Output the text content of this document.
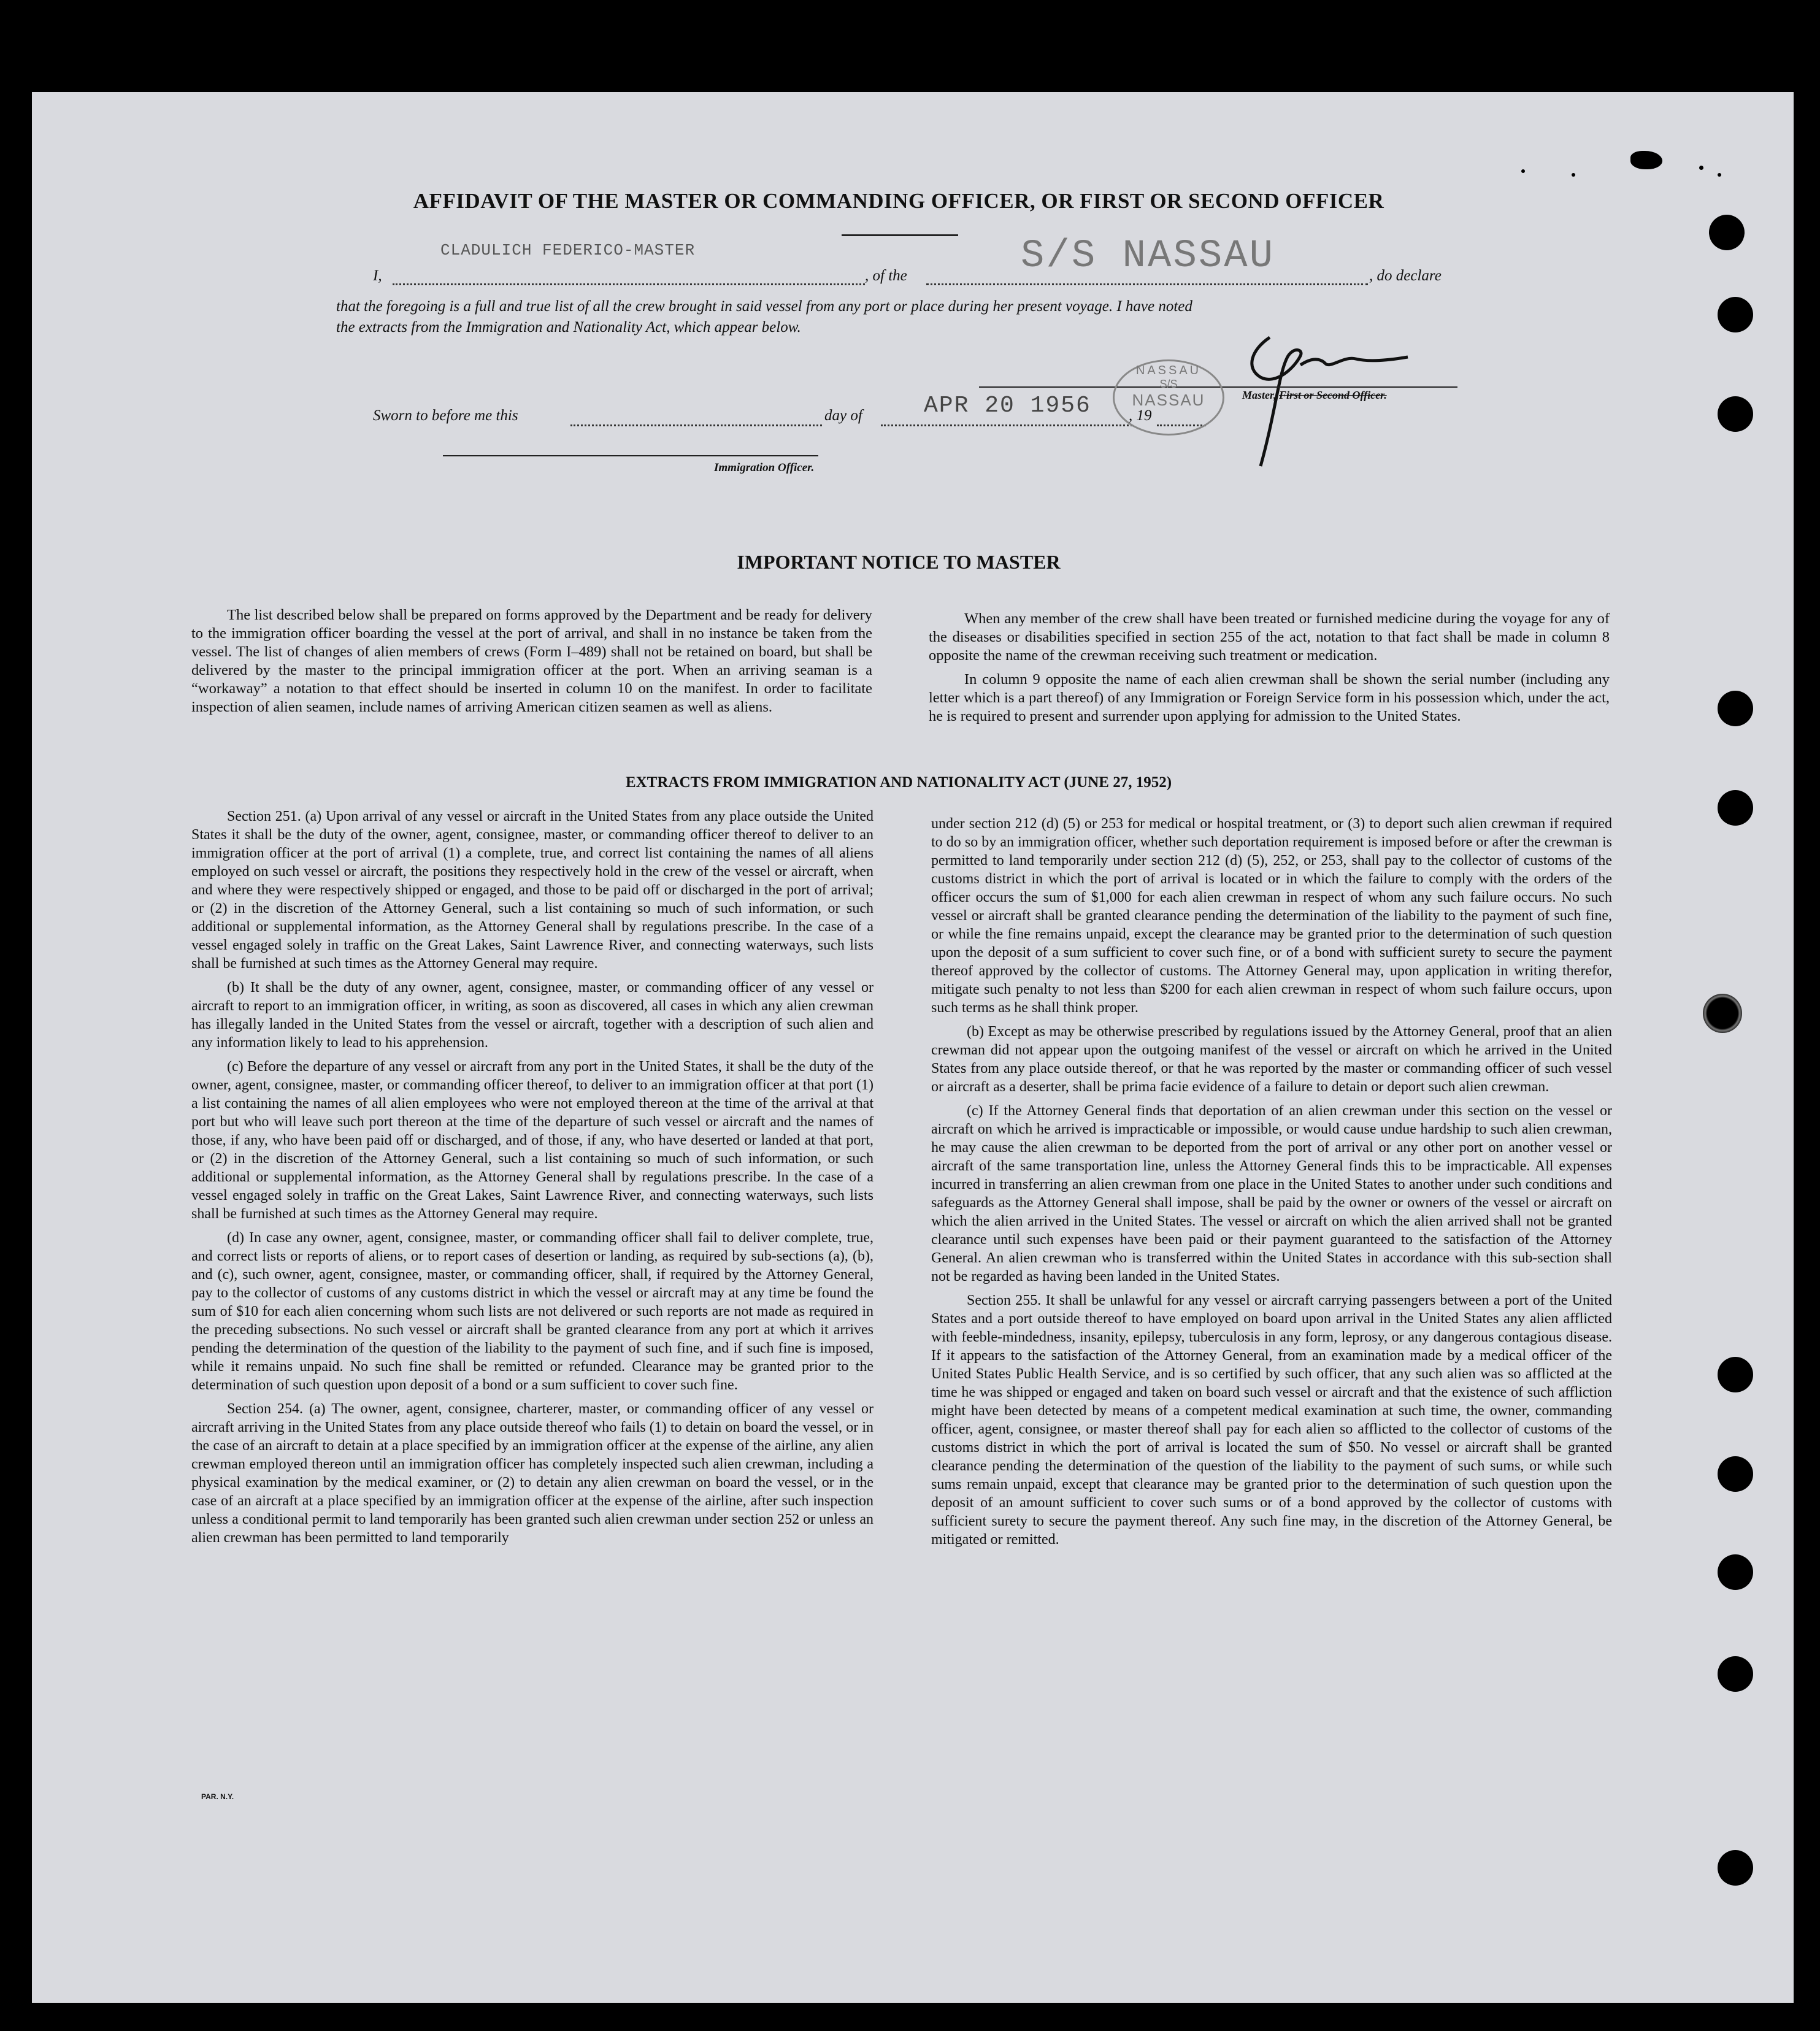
AFFIDAVIT OF THE MASTER OR COMMANDING OFFICER, OR FIRST OR SECOND OFFICER
I,
CLADULICH FEDERICO-MASTER
, of the	S/S NASSAU	, do declare
that the foregoing is a full and true list of all the crew brought in said vessel from any port or place during her present voyage. I have noted
the extracts from the Immigration and Nationality Act, which appear below.
Master, First or Second Officer.
Sworn to before me this	day of	APR 20 1956 , 19
NASSAU
S/S
NASSAU
Immigration Officer.
IMPORTANT NOTICE TO MASTER

The list described below shall be prepared on forms approved by the Department and be ready for delivery to the immigration officer boarding the vessel at the port of arrival, and shall in no instance be taken from the vessel. The list of changes of alien members of crews (Form I–489) shall not be retained on board, but shall be delivered by the master to the principal immigration officer at the port. When an arriving seaman is a “workaway” a notation to that effect should be inserted in column 10 on the manifest. In order to facilitate inspection of alien seamen, include names of arriving American citizen seamen as well as aliens.

When any member of the crew shall have been treated or furnished medicine during the voyage for any of the diseases or disabilities specified in section 255 of the act, notation to that fact shall be made in column 8 opposite the name of the crewman receiving such treatment or medication.

In column 9 opposite the name of each alien crewman shall be shown the serial number (including any letter which is a part thereof) of any Immigration or Foreign Service form in his possession which, under the act, he is required to present and surrender upon applying for admission to the United States.

EXTRACTS FROM IMMIGRATION AND NATIONALITY ACT (JUNE 27, 1952)

Section 251. (a) Upon arrival of any vessel or aircraft in the United States from any place outside the United States it shall be the duty of the owner, agent, consignee, master, or commanding officer thereof to deliver to an immigration officer at the port of arrival (1) a complete, true, and correct list containing the names of all aliens employed on such vessel or aircraft, the positions they respectively hold in the crew of the vessel or aircraft, when and where they were respectively shipped or engaged, and those to be paid off or discharged in the port of arrival; or (2) in the discretion of the Attorney General, such a list containing so much of such information, or such additional or supplemental information, as the Attorney General shall by regulations prescribe. In the case of a vessel engaged solely in traffic on the Great Lakes, Saint Lawrence River, and connecting waterways, such lists shall be furnished at such times as the Attorney General may require.

(b) It shall be the duty of any owner, agent, consignee, master, or commanding officer of any vessel or aircraft to report to an immigration officer, in writing, as soon as discovered, all cases in which any alien crewman has illegally landed in the United States from the vessel or aircraft, together with a description of such alien and any information likely to lead to his apprehension.

(c) Before the departure of any vessel or aircraft from any port in the United States, it shall be the duty of the owner, agent, consignee, master, or commanding officer thereof, to deliver to an immigration officer at that port (1) a list containing the names of all alien employees who were not employed thereon at the time of the arrival at that port but who will leave such port thereon at the time of the departure of such vessel or aircraft and the names of those, if any, who have been paid off or discharged, and of those, if any, who have deserted or landed at that port, or (2) in the discretion of the Attorney General, such a list containing so much of such information, or such additional or supplemental information, as the Attorney General shall by regulations prescribe. In the case of a vessel engaged solely in traffic on the Great Lakes, Saint Lawrence River, and connecting waterways, such lists shall be furnished at such times as the Attorney General may require.

(d) In case any owner, agent, consignee, master, or commanding officer shall fail to deliver complete, true, and correct lists or reports of aliens, or to report cases of desertion or landing, as required by sub-sections (a), (b), and (c), such owner, agent, consignee, master, or commanding officer, shall, if required by the Attorney General, pay to the collector of customs of any customs district in which the vessel or aircraft may at any time be found the sum of $10 for each alien concerning whom such lists are not delivered or such reports are not made as required in the preceding subsections. No such vessel or aircraft shall be granted clearance from any port at which it arrives pending the determination of the question of the liability to the payment of such fine, and if such fine is imposed, while it remains unpaid. No such fine shall be remitted or refunded. Clearance may be granted prior to the determination of such question upon deposit of a bond or a sum sufficient to cover such fine.

Section 254. (a) The owner, agent, consignee, charterer, master, or commanding officer of any vessel or aircraft arriving in the United States from any place outside thereof who fails (1) to detain on board the vessel, or in the case of an aircraft to detain at a place specified by an immigration officer at the expense of the airline, any alien crewman employed thereon until an immigration officer has completely inspected such alien crewman, including a physical examination by the medical examiner, or (2) to detain any alien crewman on board the vessel, or in the case of an aircraft at a place specified by an immigration officer at the expense of the airline, after such inspection unless a conditional permit to land temporarily has been granted such alien crewman under section 252 or unless an alien crewman has been permitted to land temporarily

under section 212 (d) (5) or 253 for medical or hospital treatment, or (3) to deport such alien crewman if required to do so by an immigration officer, whether such deportation requirement is imposed before or after the crewman is permitted to land temporarily under section 212 (d) (5), 252, or 253, shall pay to the collector of customs of the customs district in which the port of arrival is located or in which the failure to comply with the orders of the officer occurs the sum of $1,000 for each alien crewman in respect of whom any such failure occurs. No such vessel or aircraft shall be granted clearance pending the determination of the liability to the payment of such fine, or while the fine remains unpaid, except the clearance may be granted prior to the determination of such question upon the deposit of a sum sufficient to cover such fine, or of a bond with sufficient surety to secure the payment thereof approved by the collector of customs. The Attorney General may, upon application in writing therefor, mitigate such penalty to not less than $200 for each alien crewman in respect of whom such failure occurs, upon such terms as he shall think proper.

(b) Except as may be otherwise prescribed by regulations issued by the Attorney General, proof that an alien crewman did not appear upon the outgoing manifest of the vessel or aircraft on which he arrived in the United States from any place outside thereof, or that he was reported by the master or commanding officer of such vessel or aircraft as a deserter, shall be prima facie evidence of a failure to detain or deport such alien crewman.

(c) If the Attorney General finds that deportation of an alien crewman under this section on the vessel or aircraft on which he arrived is impracticable or impossible, or would cause undue hardship to such alien crewman, he may cause the alien crewman to be deported from the port of arrival or any other port on another vessel or aircraft of the same transportation line, unless the Attorney General finds this to be impracticable. All expenses incurred in transferring an alien crewman from one place in the United States to another under such conditions and safeguards as the Attorney General shall impose, shall be paid by the owner or owners of the vessel or aircraft on which the alien arrived in the United States. The vessel or aircraft on which the alien arrived shall not be granted clearance until such expenses have been paid or their payment guaranteed to the satisfaction of the Attorney General. An alien crewman who is transferred within the United States in accordance with this sub-section shall not be regarded as having been landed in the United States.

Section 255. It shall be unlawful for any vessel or aircraft carrying passengers between a port of the United States and a port outside thereof to have employed on board upon arrival in the United States any alien afflicted with feeble-mindedness, insanity, epilepsy, tuberculosis in any form, leprosy, or any dangerous contagious disease. If it appears to the satisfaction of the Attorney General, from an examination made by a medical officer of the United States Public Health Service, and is so certified by such officer, that any such alien was so afflicted at the time he was shipped or engaged and taken on board such vessel or aircraft and that the existence of such affliction might have been detected by means of a competent medical examination at such time, the owner, commanding officer, agent, consignee, or master thereof shall pay for each alien so afflicted to the collector of customs of the customs district in which the port of arrival is located the sum of $50. No vessel or aircraft shall be granted clearance pending the determination of the question of the liability to the payment of such sums, or while such sums remain unpaid, except that clearance may be granted prior to the determination of such question upon the deposit of an amount sufficient to cover such sums or of a bond approved by the collector of customs with sufficient surety to secure the payment thereof. Any such fine may, in the discretion of the Attorney General, be mitigated or remitted.

PAR. N.Y.
